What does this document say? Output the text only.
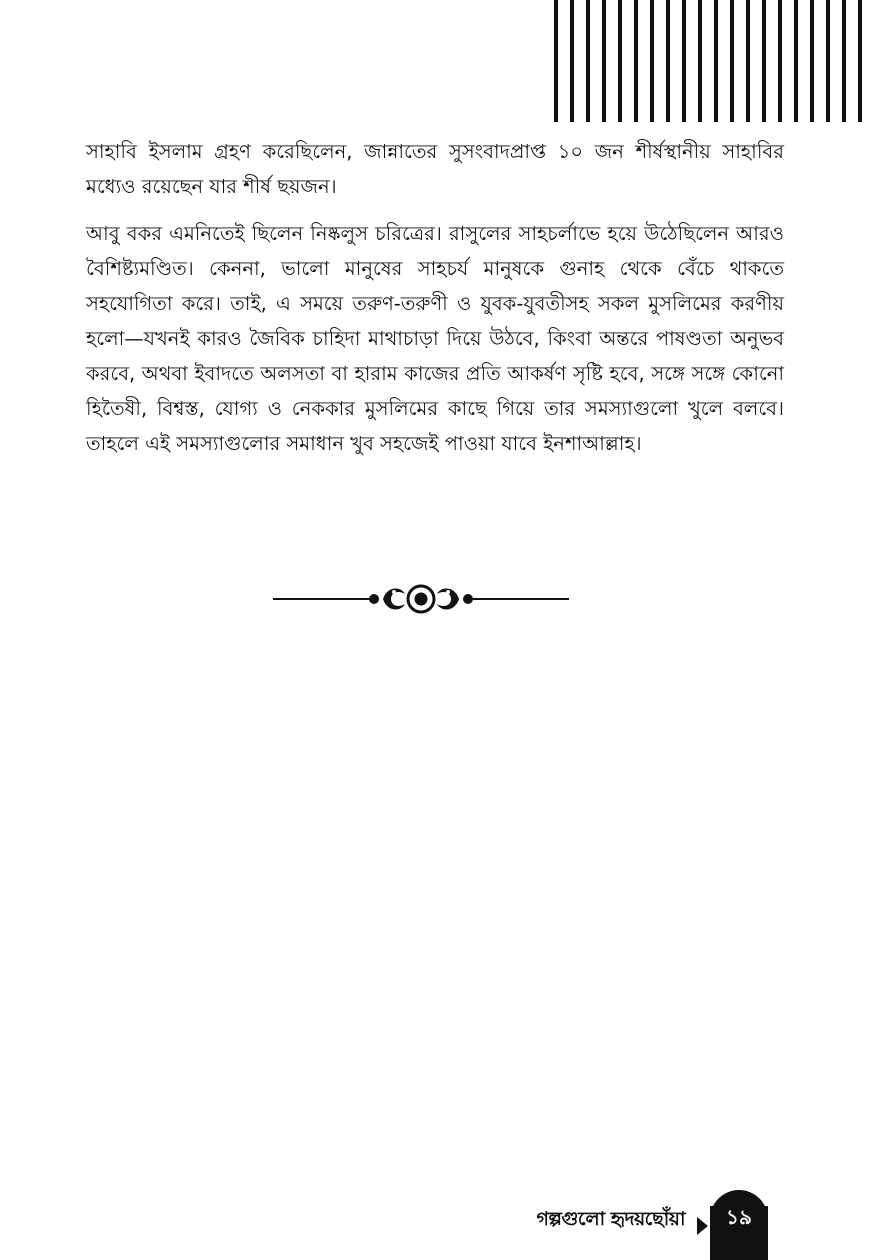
সাহাবি ইসলাম গ্রহণ করেছিলেন, জান্নাতের সুসংবাদপ্রাপ্ত ১০ জন শীর্ষস্থানীয় সাহাবির মধ্যেও রয়েছেন যার শীর্ষ ছয়জন।

আবু বকর এমনিতেই ছিলেন নিষ্কলুস চরিত্রের। রাসুলের সাহচর্লাভে হয়ে উঠেছিলেন আরও বৈশিষ্ট্যমণ্ডিত। কেননা, ভালো মানুষের সাহচর্য মানুষকে গুনাহ থেকে বেঁচে থাকতে সহযোগিতা করে। তাই, এ সময়ে তরুণ-তরুণী ও যুবক-যুবতীসহ সকল মুসলিমের করণীয় হলো—যখনই কারও জৈবিক চাহিদা মাথাচাড়া দিয়ে উঠবে, কিংবা অন্তরে পাষণ্ডতা অনুভব করবে, অথবা ইবাদতে অলসতা বা হারাম কাজের প্রতি আকর্ষণ সৃষ্টি হবে, সঙ্গে সঙ্গে কোনো হিতৈষী, বিশ্বস্ত, যোগ্য ও নেককার মুসলিমের কাছে গিয়ে তার সমস্যাগুলো খুলে বলবে। তাহলে এই সমস্যাগুলোর সমাধান খুব সহজেই পাওয়া যাবে ইনশাআল্লাহ।

গল্পগুলো হৃদয়ছোঁয়া ১৯
